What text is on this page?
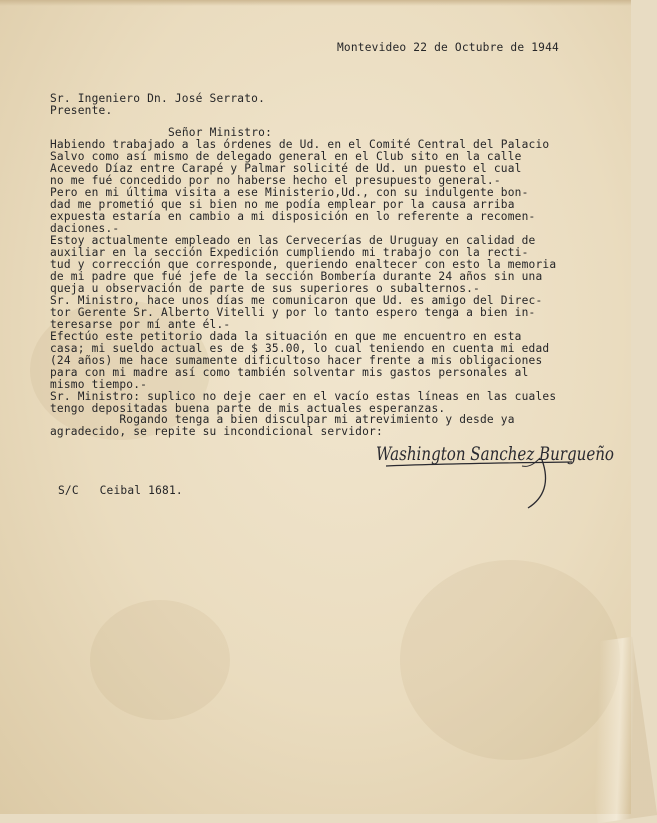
Montevideo 22 de Octubre de 1944

Sr. Ingeniero Dn. José Serrato.
Presente.

Señor Ministro:

Habiendo trabajado a las órdenes de Ud. en el Comité Central del Palacio
Salvo como así mismo de delegado general en el Club sito en la calle
Acevedo Díaz entre Carapé y Palmar solicité de Ud. un puesto el cual
no me fué concedido por no haberse hecho el presupuesto general.-
Pero en mi última visita a ese Ministerio,Ud., con su indulgente bon-
dad me prometió que si bien no me podía emplear por la causa arriba
expuesta estaría en cambio a mi disposición en lo referente a recomen-
daciones.-
Estoy actualmente empleado en las Cervecerías de Uruguay en calidad de
auxiliar en la sección Expedición cumpliendo mi trabajo con la recti-
tud y corrección que corresponde, queriendo enaltecer con esto la memoria
de mi padre que fué jefe de la sección Bombería durante 24 años sin una
queja u observación de parte de sus superiores o subalternos.-
Sr. Ministro, hace unos días me comunicaron que Ud. es amigo del Direc-
tor Gerente Sr. Alberto Vitelli y por lo tanto espero tenga a bien in-
teresarse por mí ante él.-
Efectúo este petitorio dada la situación en que me encuentro en esta
casa; mi sueldo actual es de $ 35.00, lo cual teniendo en cuenta mi edad
(24 años) me hace sumamente dificultoso hacer frente a mis obligaciones
para con mi madre así como también solventar mis gastos personales al
mismo tiempo.-
Sr. Ministro: suplico no deje caer en el vacío estas líneas en las cuales
tengo depositadas buena parte de mis actuales esperanzas.
Rogando tenga a bien disculpar mi atrevimiento y desde ya
agradecido, se repite su incondicional servidor:
Washington Sanchez Burgueño

S/C   Ceibal 1681.
